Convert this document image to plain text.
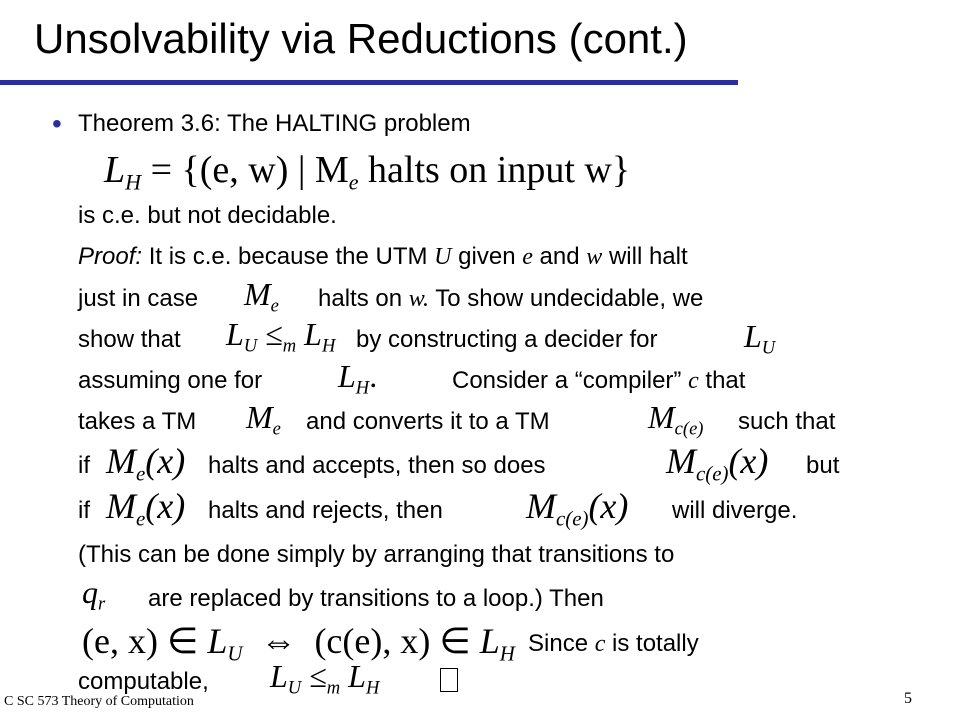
Unsolvability via Reductions (cont.)
• Theorem 3.6: The HALTING problem
$L_H = \{(e$, w) | $M_e$ halts on input w}
is c.e. but not decidable.
Proof: It is c.e. because the UTM U given e and w will halt
just in case $M_e$ halts on w. To show undecidable, we
show that $L_U \le_m$ $L_H$ by constructing a decider for	$L_U$
assuming one for $L_H$.	Consider a “compiler” c that
takes a TM $M_e$ and converts it to a TM	$M_{c(e)}$ such that
if $M_e(x)$ halts and accepts, then so does	$M_{c(e)}(x)$ but
if $M_e(x)$ halts and rejects, then $M_{c(e)}(x)$ will diverge.
(This can be done simply by arranging that transitions to
$q_r$ are replaced by transitions to a loop.) Then
(e, x) ∈ $L_U$ ⇔ (c(e), x) ∈ $L_H$ Since c is totally
computable, $L_U \le_m$ $L_H$
C SC 573 Theory of Computation	5
